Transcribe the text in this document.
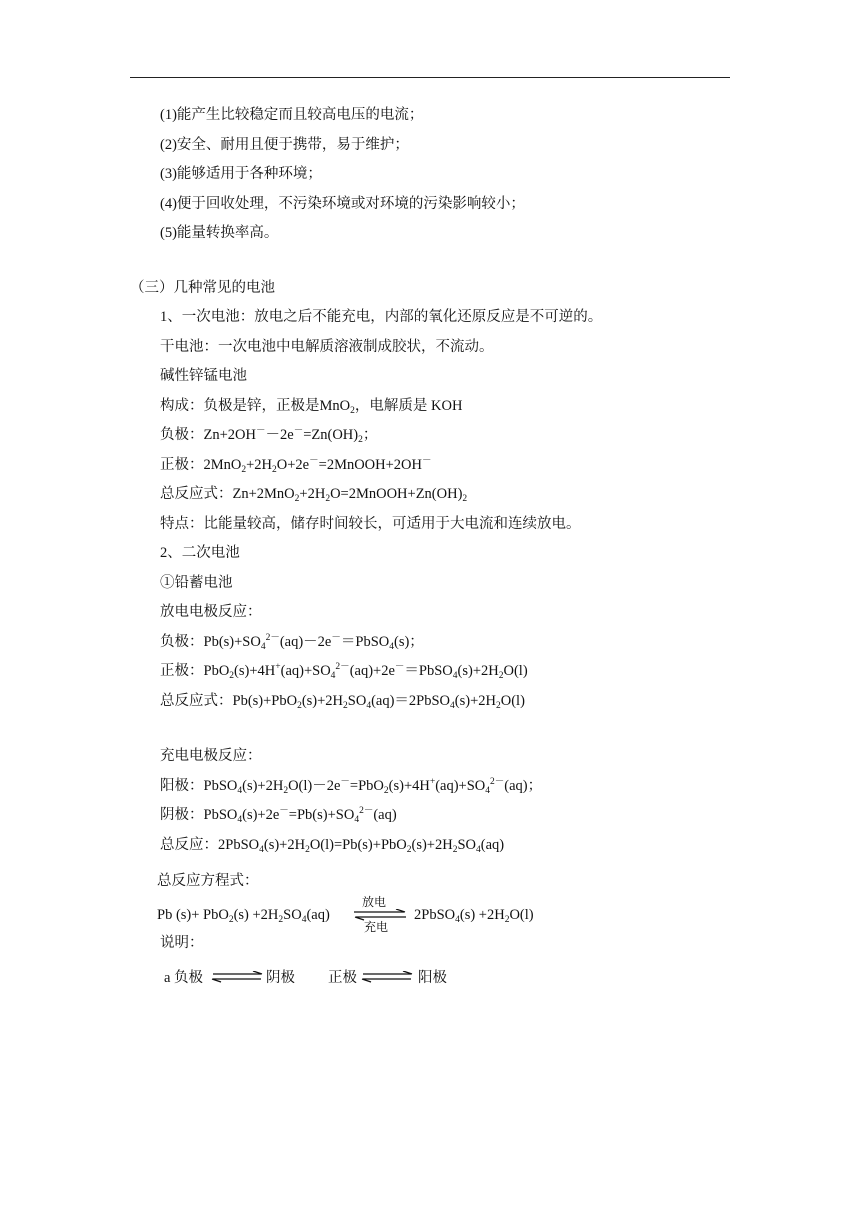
(1)能产生比较稳定而且较高电压的电流；
(2)安全、耐用且便于携带，易于维护；
(3)能够适用于各种环境；
(4)便于回收处理，不污染环境或对环境的污染影响较小；
(5)能量转换率高。
（三）几种常见的电池
1、一次电池：放电之后不能充电，内部的氧化还原反应是不可逆的。
干电池：一次电池中电解质溶液制成胶状，不流动。
碱性锌锰电池
构成：负极是锌，正极是MnO$_2$，电解质是 KOH
负极：$Zn+2OH^--2e^-=Zn(OH)_2$；
正极：$2MnO_2+2H_2O+2e^-=2MnOOH+2OH^-$
总反应式：$Zn+2MnO_2+2H_2O=2MnOOH+Zn(OH)_2$
特点：比能量较高，储存时间较长，可适用于大电流和连续放电。
2、二次电池
①铅蓄电池
放电电极反应：
负极：$Pb(s)+SO_4^{2-}(aq)-2e^-=PbSO_4(s)$；
正极：$PbO_2(s)+4H^+(aq)+SO_4^{2-}(aq)+2e^-=PbSO_4(s)+2H_2O(l)$
总反应式：$Pb(s)+PbO_2(s)+2H_2SO_4(aq)=2PbSO_4(s)+2H_2O(l)$
充电电极反应：
阳极：$PbSO_4(s)+2H_2O(l)-2e^-=PbO_2(s)+4H^+(aq)+SO_4^{2-}(aq)$；
阴极：$PbSO_4(s)+2e^-=Pb(s)+SO_4^{2-}(aq)$
总反应：$2PbSO_4(s)+2H_2O(l)=Pb(s)+PbO_2(s)+2H_2SO_4(aq)$
总反应方程式：
Pb $(s)+ PbO_2(s) +2H_2SO_4(aq)$
放电
充电
2PbSO$_4$(s) $+2H_2O(l)$
说明：
a 负极 ⇌ 阴极 正极 ⇌ 阳极
